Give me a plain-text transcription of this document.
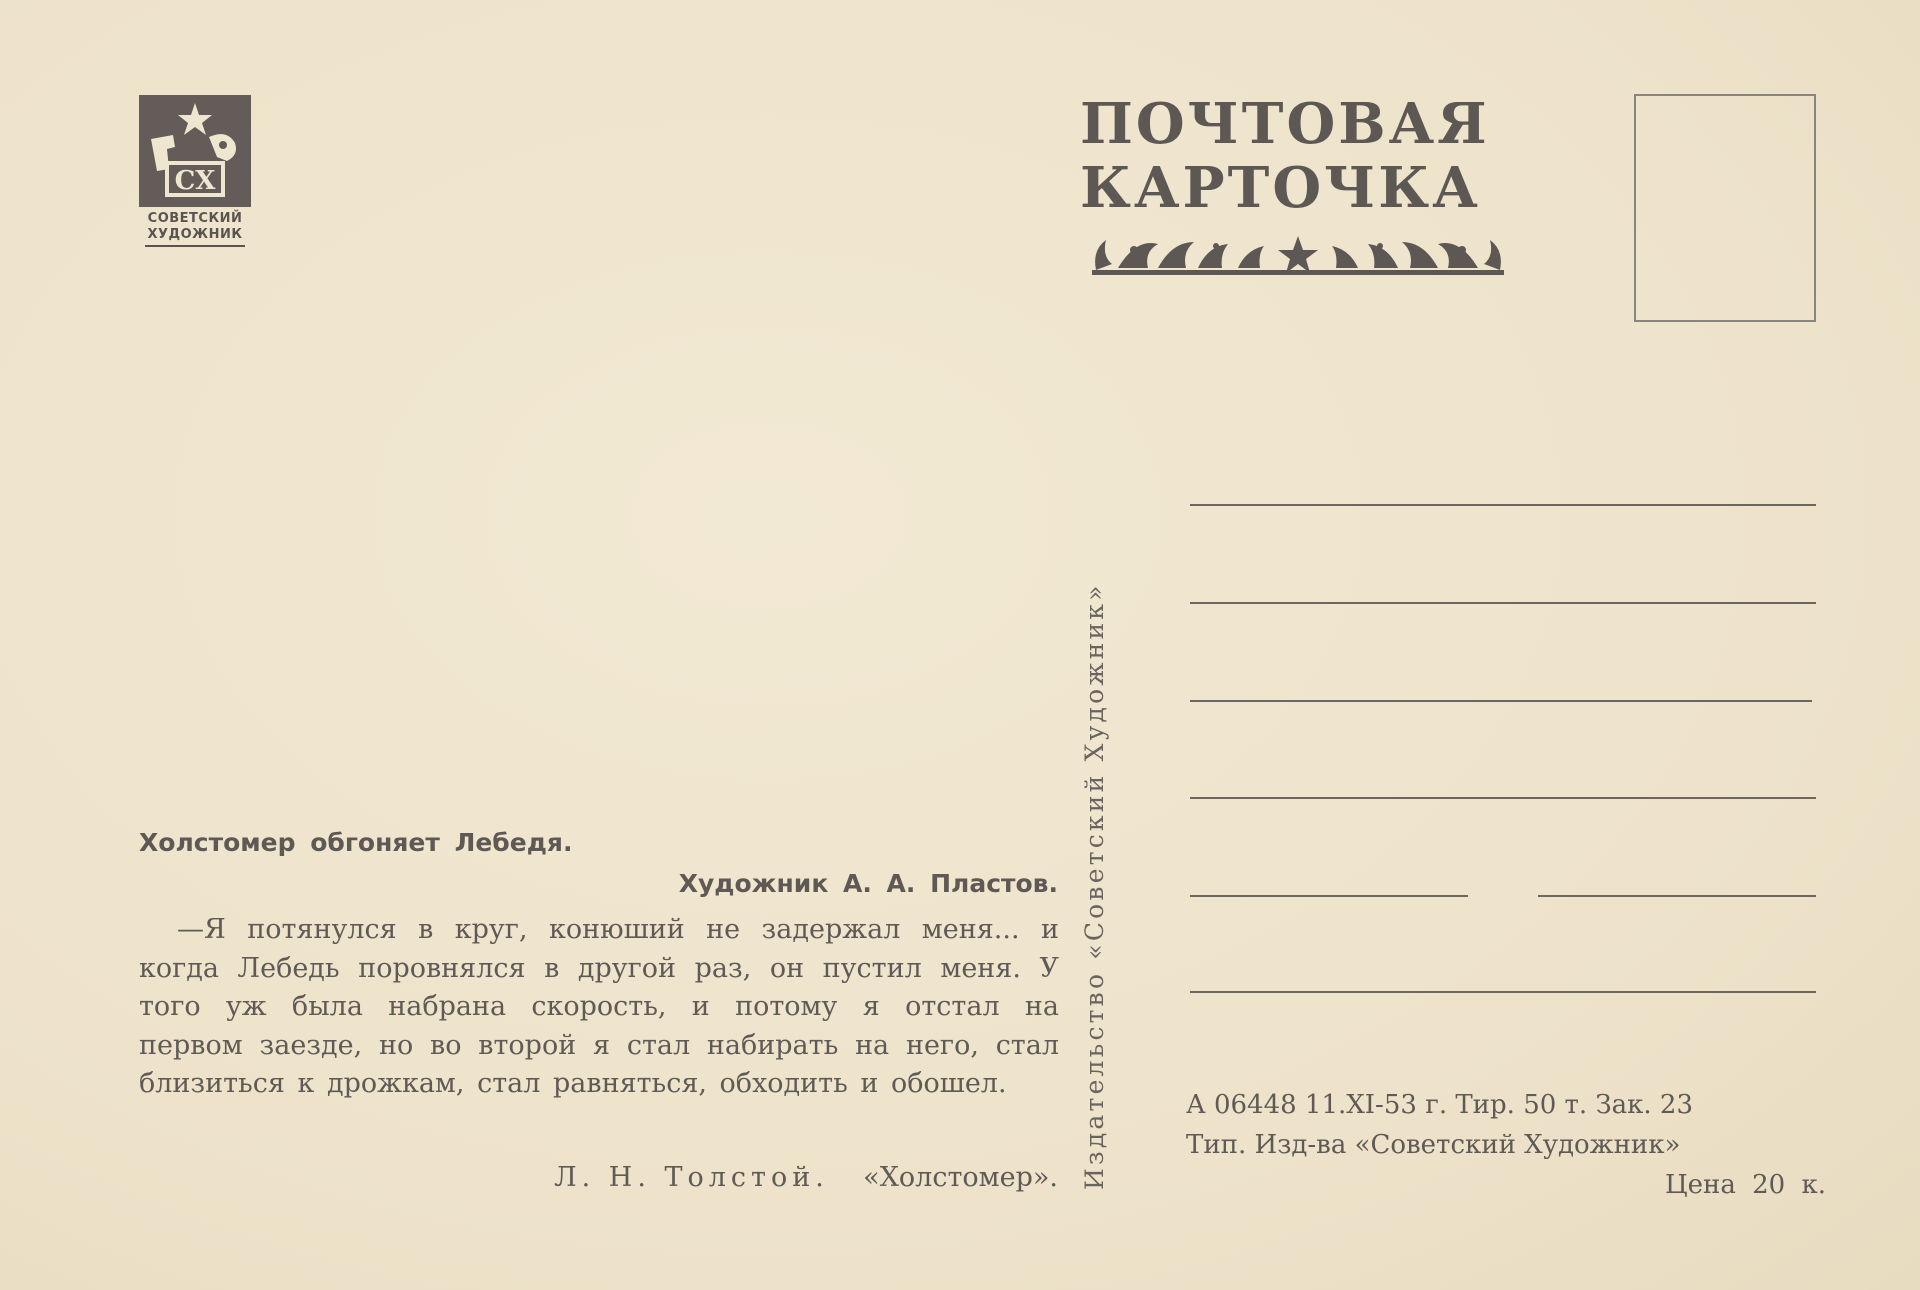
СХ
СОВЕТСКИЙ
ХУДОЖНИК
ПОЧТОВАЯ
КАРТОЧКА
Издательство «Советский Художник»
Холстомер обгоняет Лебедя.
Художник А. А. Пластов.

—Я потянулся в круг, конюший не задержал меня... и когда Лебедь поровнялся в другой раз, он пустил меня. У того уж была набрана скорость, и потому я отстал на первом заезде, но во второй я стал набирать на него, стал близиться к дрожкам, стал равняться, обходить и обошел.

Л. Н. Толстой. «Холстомер».
А 06448 11.XI-53 г. Тир. 50 т. Зак. 23
Тип. Изд-ва «Советский Художник»
Цена 20 к.
